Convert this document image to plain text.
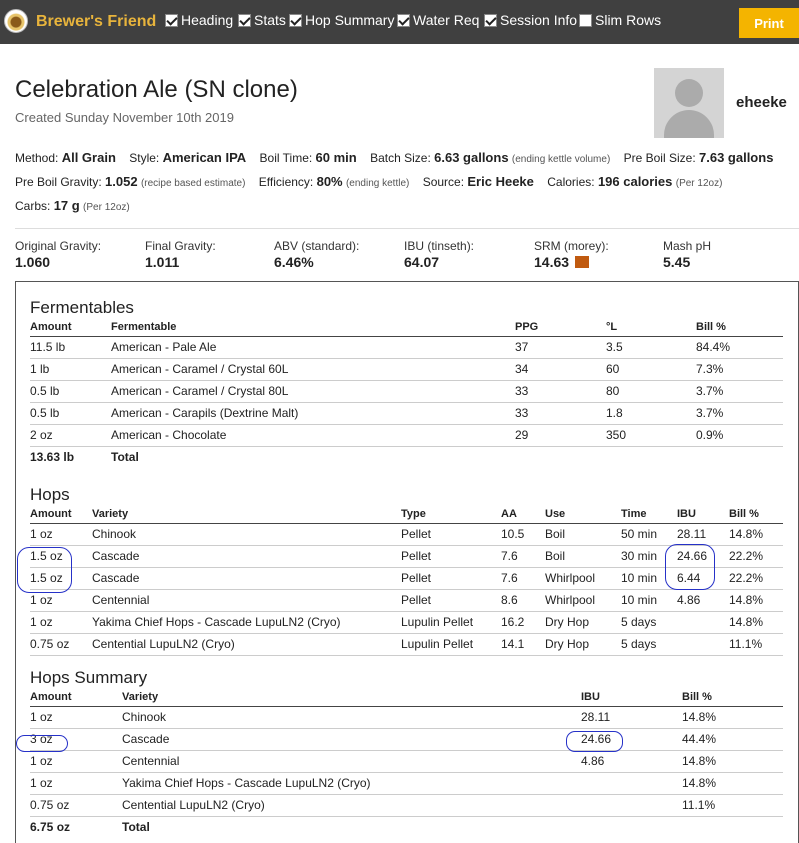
Brewer's Friend Heading Stats Hop Summary Water Req Session Info Slim Rows	Print
Celebration Ale (SN clone)
Created Sunday November 10th 2019
eheeke
Method: All Grain Style: American IPA Boil Time: 60 min Batch Size: 6.63 gallons (ending kettle volume) Pre Boil Size: 7.63 gallons
Pre Boil Gravity: 1.052 (recipe based estimate) Efficiency: 80% (ending kettle) Source: Eric Heeke Calories: 196 calories (Per 12oz)
Carbs: 17 g (Per 12oz)
Original Gravity:
1.060
Final Gravity:
1.011
ABV (standard):
6.46%
IBU (tinseth):
64.07
SRM (morey):
14.63
Mash pH
5.45
Fermentables
Amount	Fermentable	PPG	°L	Bill %
11.5 lb	American - Pale Ale	37	3.5	84.4%
1 lb	American - Caramel / Crystal 60L	34	60	7.3%
0.5 lb	American - Caramel / Crystal 80L	33	80	3.7%
0.5 lb	American - Carapils (Dextrine Malt)	33	1.8	3.7%
2 oz	American - Chocolate	29	350	0.9%
13.63 lb	Total			
Hops
Amount	Variety	Type	AA	Use	Time	IBU	Bill %
1 oz	Chinook	Pellet	10.5	Boil	50 min	28.11	14.8%
1.5 oz	Cascade	Pellet	7.6	Boil	30 min	24.66	22.2%
1.5 oz	Cascade	Pellet	7.6	Whirlpool	10 min	6.44	22.2%
1 oz	Centennial	Pellet	8.6	Whirlpool	10 min	4.86	14.8%
1 oz	Yakima Chief Hops - Cascade LupuLN2 (Cryo)	Lupulin Pellet	16.2	Dry Hop	5 days		14.8%
0.75 oz	Centential LupuLN2 (Cryo)	Lupulin Pellet	14.1	Dry Hop	5 days		11.1%
Hops Summary
Amount	Variety	IBU	Bill %
1 oz	Chinook	28.11	14.8%
3 oz	Cascade	24.66	44.4%
1 oz	Centennial	4.86	14.8%
1 oz	Yakima Chief Hops - Cascade LupuLN2 (Cryo)		14.8%
0.75 oz	Centential LupuLN2 (Cryo)		11.1%
6.75 oz	Total		
